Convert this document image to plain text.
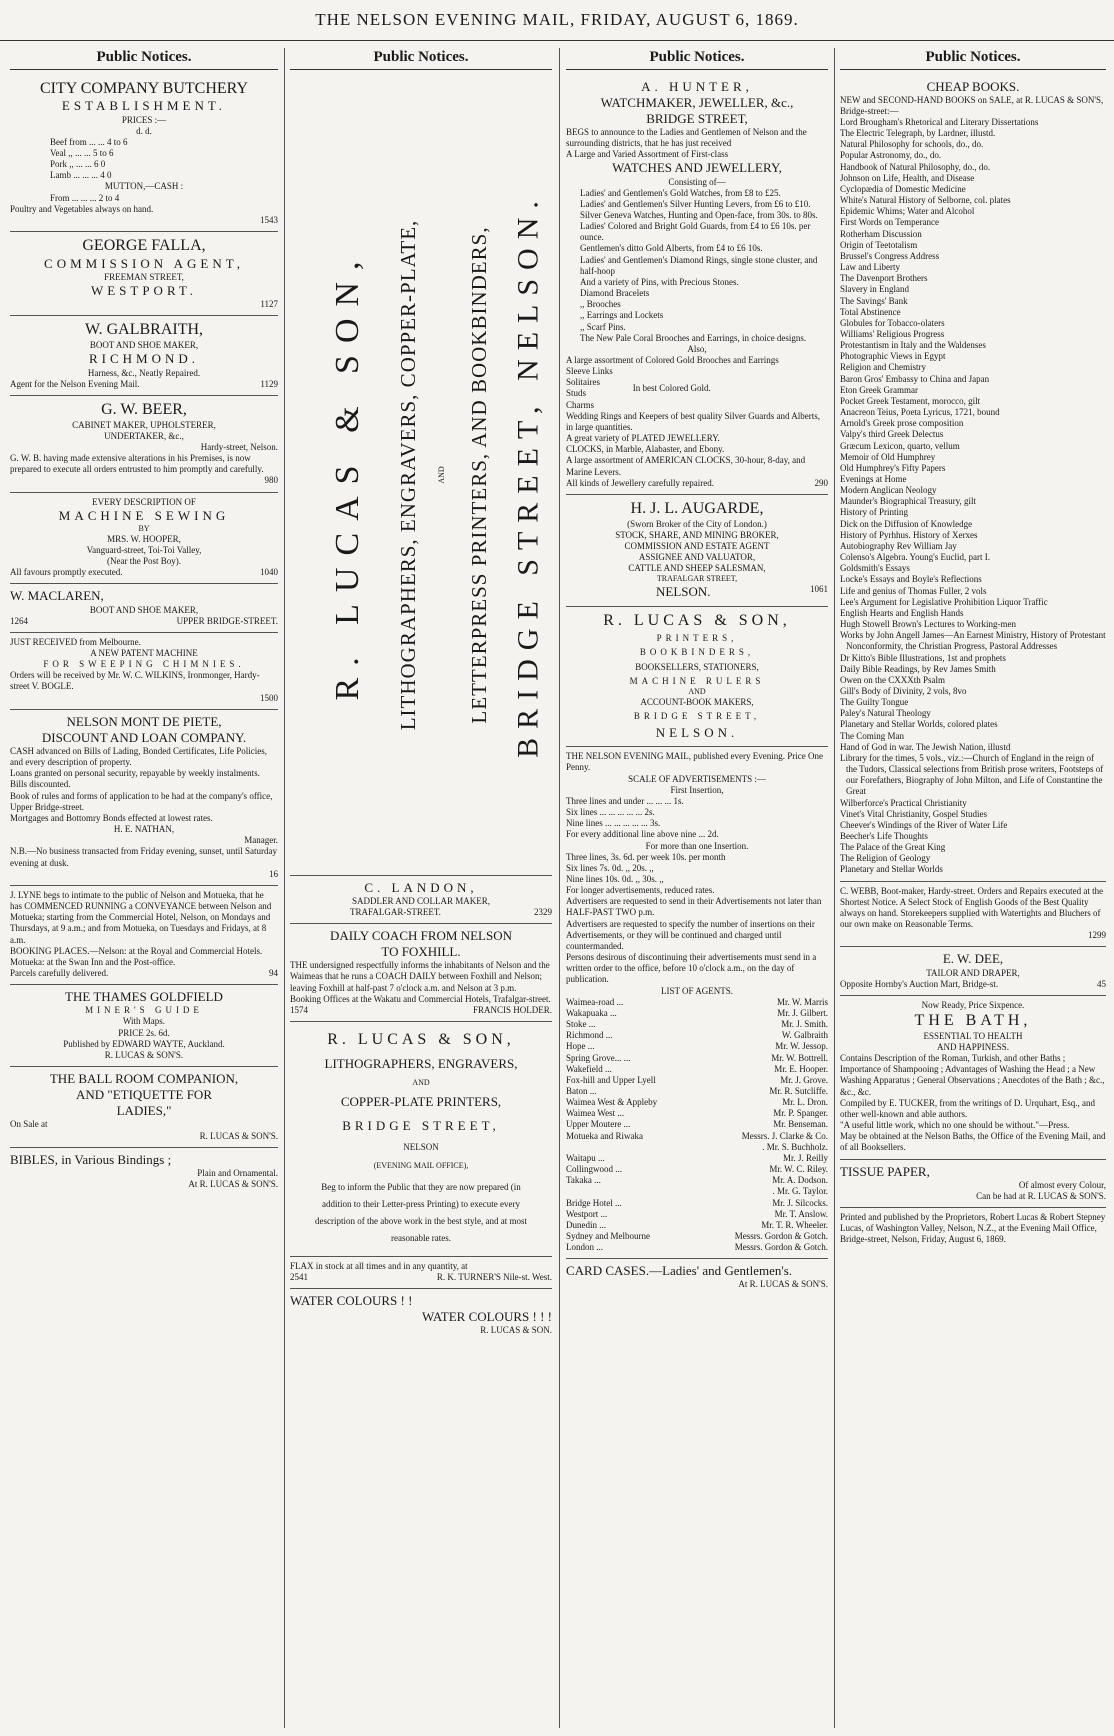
THE NELSON EVENING MAIL, FRIDAY, AUGUST 6, 1869.
Public Notices.
CITY COMPANY BUTCHERY
ESTABLISHMENT.
PRICES :—
d. d.
Beef from ... ... 4 to 6
Veal ,, ... ... 5 to 6
Pork ,, ... ... 6 0
Lamb ... ... ... 4 0
MUTTON,—CASH :
From ... ... ... 2 to 4
Poultry and Vegetables always on hand.
1543
GEORGE FALLA,
COMMISSION AGENT,
FREEMAN STREET,
WESTPORT.
1127
W. GALBRAITH,
BOOT AND SHOE MAKER,
RICHMOND.
Harness, &c., Neatly Repaired.
Agent for the Nelson Evening Mail.	1129
G. W. BEER,
CABINET MAKER, UPHOLSTERER,
UNDERTAKER, &c.,
Hardy-street, Nelson.
G. W. B. having made extensive alterations in his Premises, is now prepared to execute all orders entrusted to him promptly and carefully.
980
EVERY DESCRIPTION OF
MACHINE SEWING
BY
MRS. W. HOOPER,
Vanguard-street, Toi-Toi Valley,
(Near the Post Boy).
All favours promptly executed.	1040
W. MACLAREN,
BOOT AND SHOE MAKER,
1264	UPPER BRIDGE-STREET.
JUST RECEIVED from Melbourne.
A NEW PATENT MACHINE
FOR SWEEPING CHIMNIES.
Orders will be received by Mr. W. C. WILKINS, Ironmonger, Hardy-street V. BOGLE.
1500
NELSON MONT DE PIETE,
DISCOUNT AND LOAN COMPANY.
CASH advanced on Bills of Lading, Bonded Certificates, Life Policies, and every description of property.
Loans granted on personal security, repayable by weekly instalments.
Bills discounted.
Book of rules and forms of application to be had at the company's office, Upper Bridge-street.
Mortgages and Bottomry Bonds effected at lowest rates.
H. E. NATHAN,
Manager.
N.B.—No business transacted from Friday evening, sunset, until Saturday evening at dusk.
16
J. LYNE begs to intimate to the public of Nelson and Motueka, that he has COMMENCED RUNNING a CONVEYANCE between Nelson and Motueka; starting from the Commercial Hotel, Nelson, on Mondays and Thursdays, at 9 a.m.; and from Motueka, on Tuesdays and Fridays, at 8 a.m.
BOOKING PLACES.—Nelson: at the Royal and Commercial Hotels. Motueka: at the Swan Inn and the Post-office.
Parcels carefully delivered.	94
THE THAMES GOLDFIELD
MINER'S GUIDE
With Maps.
PRICE 2s. 6d.
Published by EDWARD WAYTE, Auckland.
R. LUCAS & SON'S.
THE BALL ROOM COMPANION,
AND "ETIQUETTE FOR
LADIES,"
On Sale at
R. LUCAS & SON'S.
BIBLES, in Various Bindings ;
Plain and Ornamental.
At R. LUCAS & SON'S.
Public Notices.
R. LUCAS & SON, LITHOGRAPHERS, ENGRAVERS, COPPER-PLATE, AND LETTERPRESS PRINTERS, AND BOOKBINDERS, BRIDGE STREET, NELSON.
C. LANDON,
SADDLER AND COLLAR MAKER,
TRAFALGAR-STREET.	2329
DAILY COACH FROM NELSON
TO FOXHILL.
THE undersigned respectfully informs the inhabitants of Nelson and the Waimeas that he runs a COACH DAILY between Foxhill and Nelson; leaving Foxhill at half-past 7 o'clock a.m. and Nelson at 3 p.m.
Booking Offices at the Wakatu and Commercial Hotels, Trafalgar-street.
1574	FRANCIS HOLDER.
R. LUCAS & SON,
LITHOGRAPHERS, ENGRAVERS,
AND
COPPER-PLATE PRINTERS,
BRIDGE STREET,
NELSON
(EVENING MAIL OFFICE),
Beg to inform the Public that they are now prepared (in addition to their Letter-press Printing) to execute every description of the above work in the best style, and at most reasonable rates.
FLAX in stock at all times and in any quantity, at
2541	R. K. TURNER'S Nile-st. West.
WATER COLOURS ! !
WATER COLOURS ! ! !
R. LUCAS & SON.
Public Notices.
A. HUNTER,
WATCHMAKER, JEWELLER, &c.,
BRIDGE STREET,
BEGS to announce to the Ladies and Gentlemen of Nelson and the surrounding districts, that he has just received
A Large and Varied Assortment of First-class
WATCHES AND JEWELLERY,
Consisting of—
Ladies' and Gentlemen's Gold Watches, from £8 to £25.
Ladies' and Gentlemen's Silver Hunting Levers, from £6 to £10.
Silver Geneva Watches, Hunting and Open-face, from 30s. to 80s.
Ladies' Colored and Bright Gold Guards, from £4 to £6 10s. per ounce.
Gentlemen's ditto Gold Alberts, from £4 to £6 10s.
Ladies' and Gentlemen's Diamond Rings, single stone cluster, and half-hoop
And a variety of Pins, with Precious Stones.
Diamond Bracelets
,, Brooches
,, Earrings and Lockets
,, Scarf Pins.
The New Pale Coral Brooches and Earrings, in choice designs.
Also,
A large assortment of Colored Gold Brooches and Earrings
Sleeve Links
Solitaires
Studs
Charms
In best Colored Gold.
Wedding Rings and Keepers of best quality Silver Guards and Alberts, in large quantities.
A great variety of PLATED JEWELLERY.
CLOCKS, in Marble, Alabaster, and Ebony.
A large assortment of AMERICAN CLOCKS, 30-hour, 8-day, and Marine Levers.
All kinds of Jewellery carefully repaired.	290
H. J. L. AUGARDE,
(Sworn Broker of the City of London.)
STOCK, SHARE, AND MINING BROKER,
COMMISSION AND ESTATE AGENT
ASSIGNEE AND VALUATOR,
CATTLE AND SHEEP SALESMAN,
TRAFALGAR STREET,
NELSON.	1061
R. LUCAS & SON,
PRINTERS,
BOOKBINDERS,
BOOKSELLERS, STATIONERS,
MACHINE RULERS
AND
ACCOUNT-BOOK MAKERS,
BRIDGE STREET,
NELSON.
THE NELSON EVENING MAIL, published every Evening. Price One Penny.
SCALE OF ADVERTISEMENTS :—
First Insertion,
Three lines and under ... ... ... 1s.
Six lines ... ... ... ... ... 2s.
Nine lines ... ... ... ... ... 3s.
For every additional line above nine ... 2d.
For more than one Insertion.
Three lines, 3s. 6d. per week 10s. per month
Six lines 7s. 0d. ,, 20s. ,,
Nine lines 10s. 0d. ,, 30s. ,,
For longer advertisements, reduced rates.
Advertisers are requested to send in their Advertisements not later than HALF-PAST TWO p.m.
Advertisers are requested to specify the number of insertions on their Advertisements, or they will be continued and charged until countermanded.
Persons desirous of discontinuing their advertisements must send in a written order to the office, before 10 o'clock a.m., on the day of publication.
LIST OF AGENTS.
Waimea-road ...	Mr. W. Marris
Wakapuaka ...	Mr. J. Gilbert.
Stoke ...	Mr. J. Smith.
Richmond ...	W. Galbraith
Hope ...	Mr. W. Jessop.
Spring Grove... ...	Mr. W. Bottrell.
Wakefield ...	Mr. E. Hooper.
Fox-hill and Upper Lyell	Mr. J. Grove.
Baton ...	Mr. R. Sutcliffe.
Waimea West & Appleby	Mr. L. Dron.
Waimea West ...	Mr. P. Spanger.
Upper Moutere ...	Mr. Benseman.
Motueka and Riwaka	Messrs. J. Clarke & Co.
. Mr. S. Buchholz.
Waitapu ...	Mr. J. Reilly
Collingwood ...	Mr. W. C. Riley.
Takaka ...	Mr. A. Dodson.
. Mr. G. Taylor.
Bridge Hotel ...	Mr. J. Silcocks.
Westport ...	Mr. T. Anslow.
Dunedin ...	Mr. T. R. Wheeler.
Sydney and Melbourne	Messrs. Gordon & Gotch.
London ...	Messrs. Gordon & Gotch.
CARD CASES.—Ladies' and Gentlemen's.
At R. LUCAS & SON'S.
Public Notices.
CHEAP BOOKS.
NEW and SECOND-HAND BOOKS on SALE, at R. LUCAS & SON'S, Bridge-street:—
Lord Brougham's Rhetorical and Literary Dissertations
The Electric Telegraph, by Lardner, illustd.
Natural Philosophy for schools, do., do.
Popular Astronomy, do., do.
Handbook of Natural Philosophy, do., do.
Johnson on Life, Health, and Disease
Cyclopædia of Domestic Medicine
White's Natural History of Selborne, col. plates
Epidemic Whims; Water and Alcohol
First Words on Temperance
Rotherham Discussion
Origin of Teetotalism
Brussel's Congress Address
Law and Liberty
The Davenport Brothers
Slavery in England
The Savings' Bank
Total Abstinence
Globules for Tobacco-olaters
Williams' Religious Progress
Protestantism in Italy and the Waldenses
Photographic Views in Egypt
Religion and Chemistry
Baron Gros' Embassy to China and Japan
Eton Greek Grammar
Pocket Greek Testament, morocco, gilt
Anacreon Teius, Poeta Lyricus, 1721, bound
Arnold's Greek prose composition
Valpy's third Greek Delectus
Græcum Lexicon, quarto, vellum
Memoir of Old Humphrey
Old Humphrey's Fifty Papers
Evenings at Home
Modern Anglican Neology
Maunder's Biographical Treasury, gilt
History of Printing
Dick on the Diffusion of Knowledge
History of Pyrhhus. History of Xerxes
Autobiography Rev William Jay
Colenso's Algebra. Young's Euclid, part I.
Goldsmith's Essays
Locke's Essays and Boyle's Reflections
Life and genius of Thomas Fuller, 2 vols
Lee's Argument for Legislative Prohibition Liquor Traffic
English Hearts and English Hands
Hugh Stowell Brown's Lectures to Working-men
Works by John Angell James—An Earnest Ministry, History of Protestant Nonconformity, the Christian Progress, Pastoral Addresses
Dr Kitto's Bible Illustrations, 1st and prophets
Daily Bible Readings, by Rev James Smith
Owen on the CXXXth Psalm
Gill's Body of Divinity, 2 vols, 8vo
The Guilty Tongue
Paley's Natural Theology
Planetary and Stellar Worlds, colored plates
The Coming Man
Hand of God in war. The Jewish Nation, illustd
Library for the times, 5 vols., viz.:—Church of England in the reign of the Tudors, Classical selections from British prose writers, Footsteps of our Forefathers, Biography of John Milton, and Life of Constantine the Great
Wilberforce's Practical Christianity
Vinet's Vital Christianity, Gospel Studies
Cheever's Windings of the River of Water Life
Beecher's Life Thoughts
The Palace of the Great King
The Religion of Geology
Planetary and Stellar Worlds
C. WEBB, Boot-maker, Hardy-street. Orders and Repairs executed at the Shortest Notice. A Select Stock of English Goods of the Best Quality always on hand. Storekeepers supplied with Watertights and Bluchers of our own make on Reasonable Terms.
1299
E. W. DEE,
TAILOR AND DRAPER,
Opposite Hornby's Auction Mart, Bridge-st.	45
Now Ready, Price Sixpence.
THE BATH,
ESSENTIAL TO HEALTH
AND HAPPINESS.
Contains Description of the Roman, Turkish, and other Baths ; Importance of Shampooing ; Advantages of Washing the Head ; a New Washing Apparatus ; General Observations ; Anecdotes of the Bath ; &c., &c., &c.
Compiled by E. TUCKER, from the writings of D. Urquhart, Esq., and other well-known and able authors.
"A useful little work, which no one should be without."—Press.
May be obtained at the Nelson Baths, the Office of the Evening Mail, and of all Booksellers.
TISSUE PAPER,
Of almost every Colour,
Can be had at R. LUCAS & SON'S.
Printed and published by the Proprietors, Robert Lucas & Robert Stepney Lucas, of Washington Valley, Nelson, N.Z., at the Evening Mail Office, Bridge-street, Nelson, Friday, August 6, 1869.
